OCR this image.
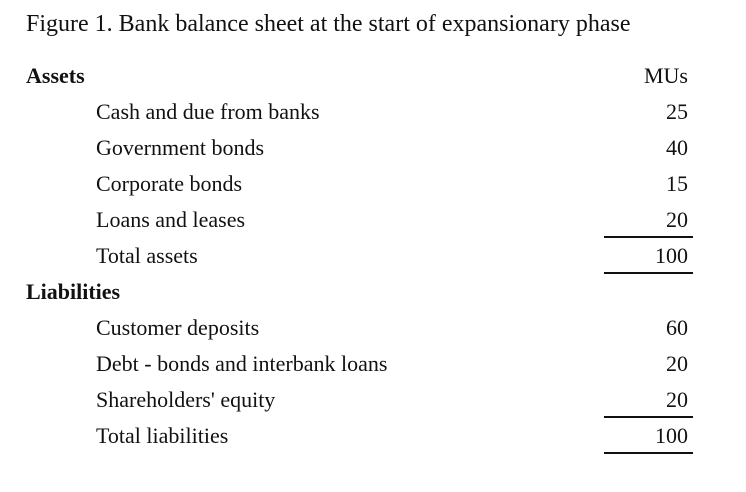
Figure 1. Bank balance sheet at the start of expansionary phase
Assets	MUs
Cash and due from banks	25
Government bonds	40
Corporate bonds	15
Loans and leases	20
Total assets	100
Liabilities
Customer deposits	60
Debt - bonds and interbank loans	20
Shareholders' equity	20
Total liabilities	100
